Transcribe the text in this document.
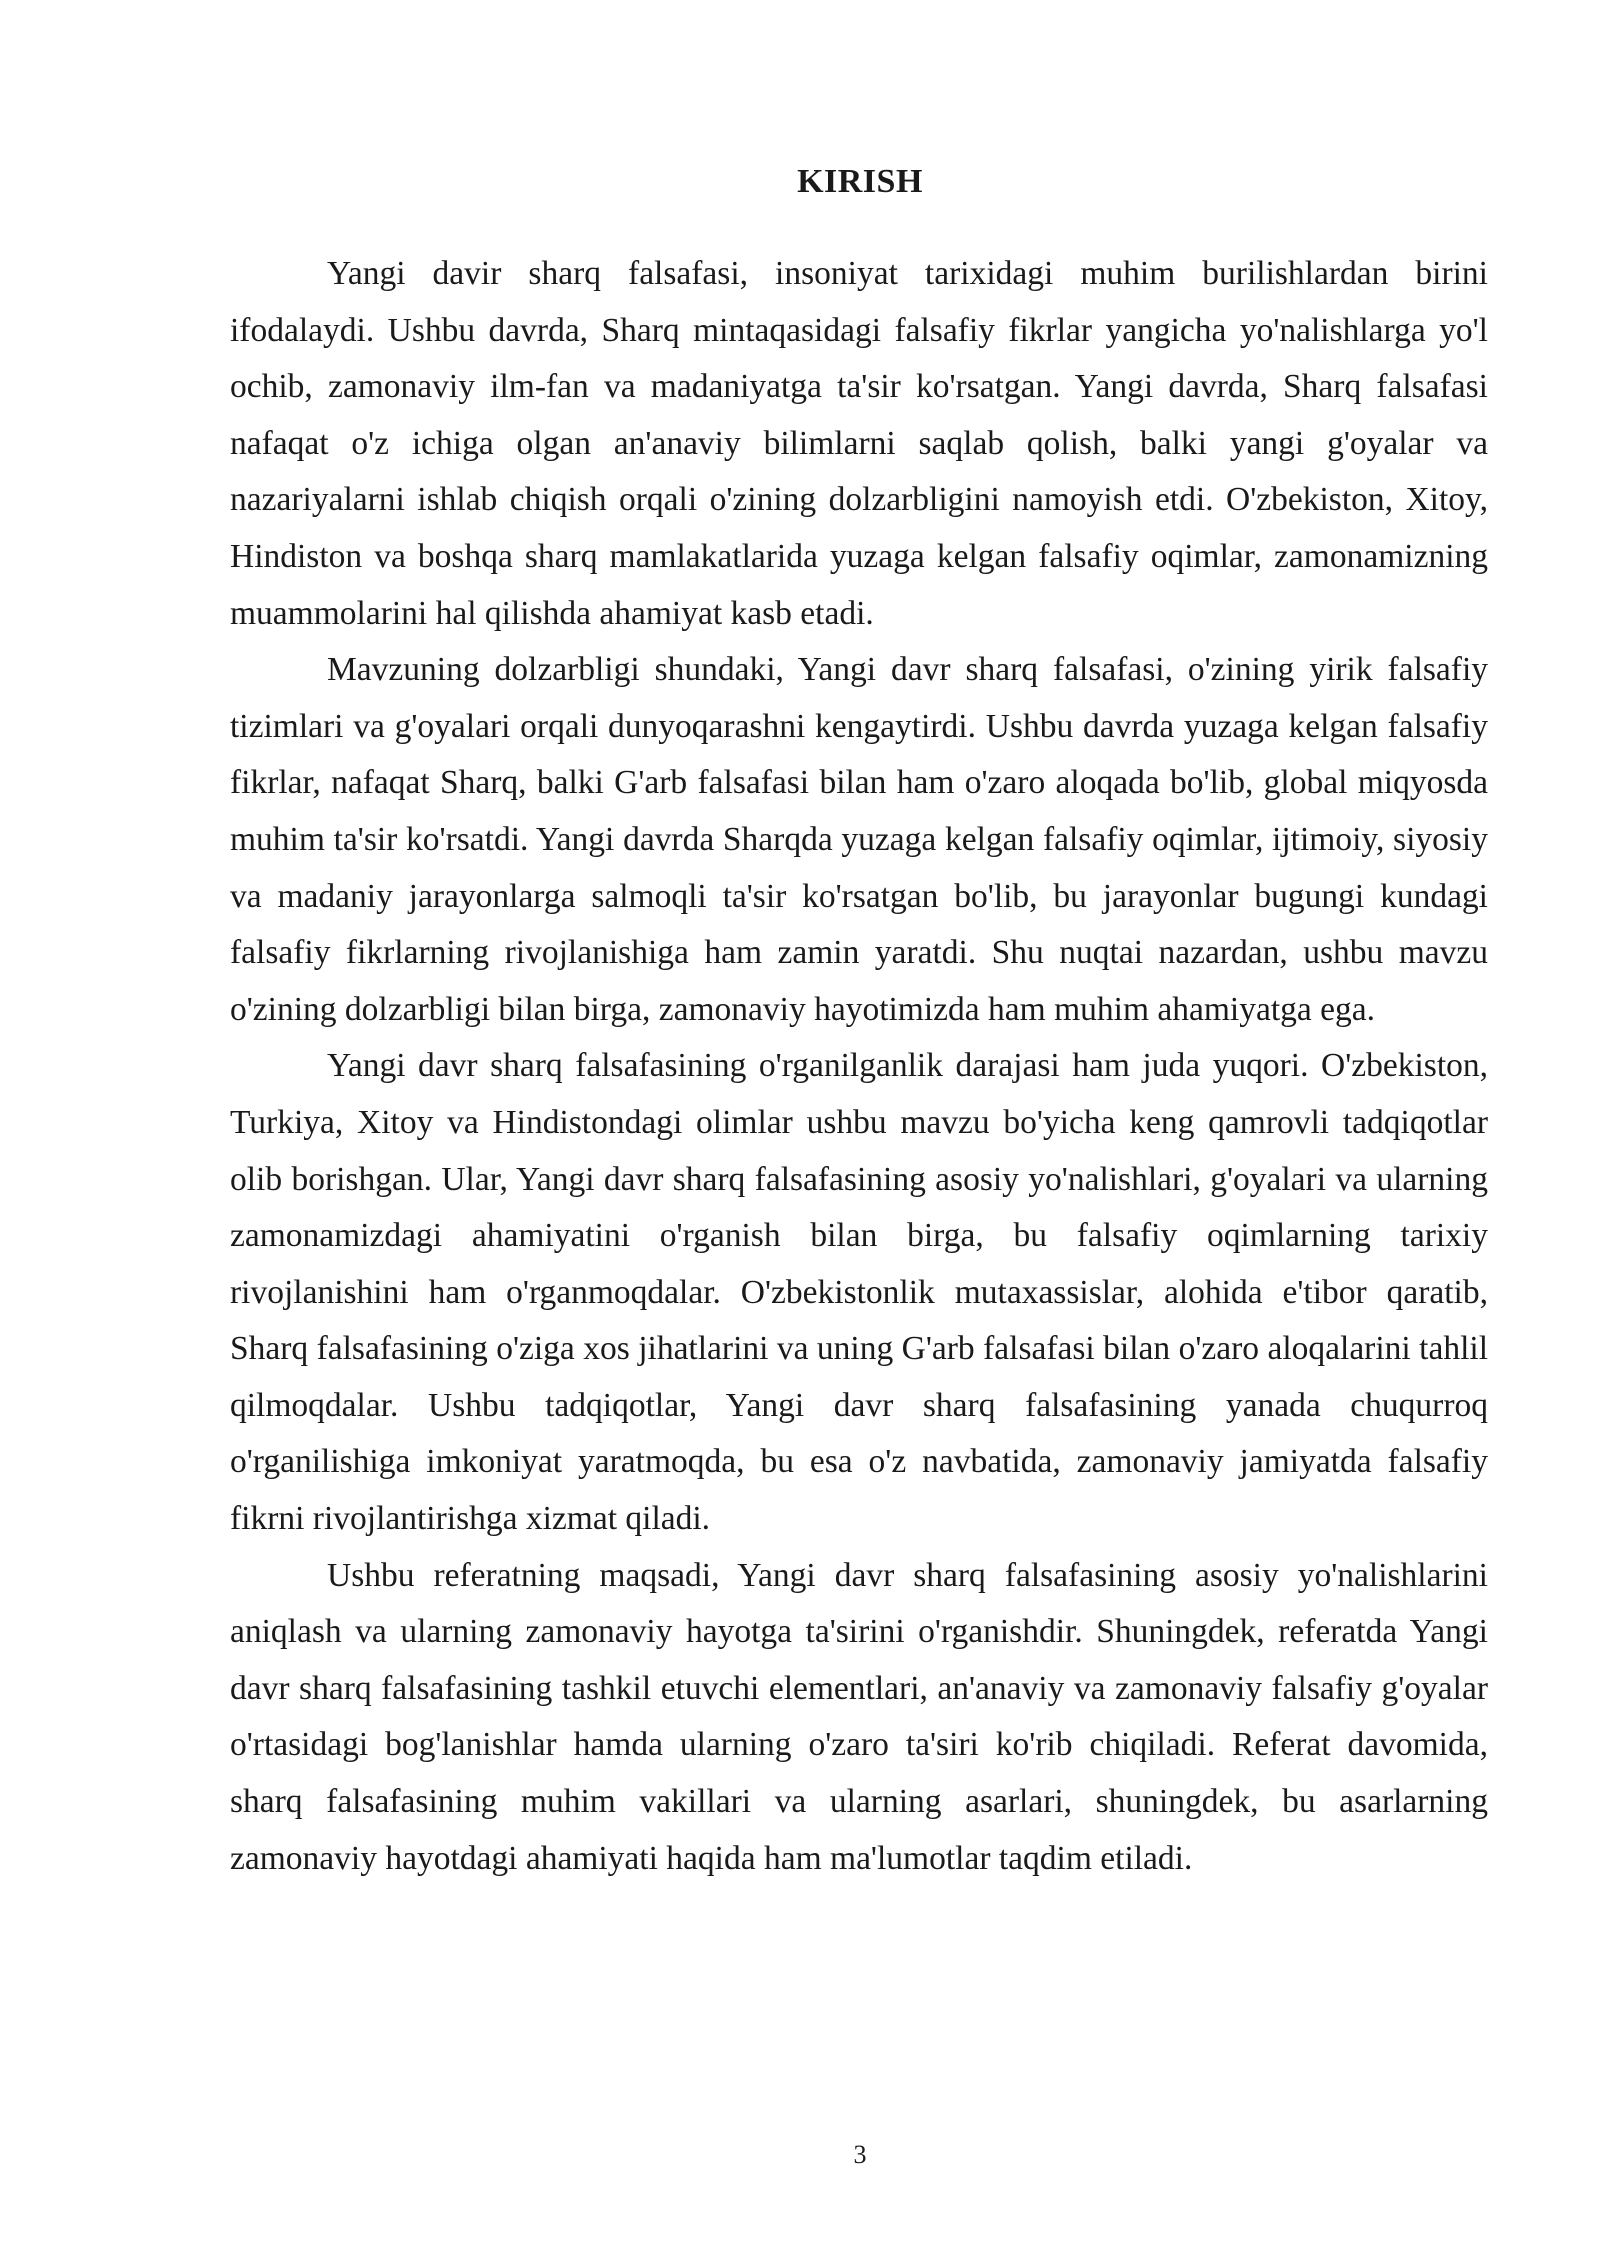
KIRISH

Yangi davir sharq falsafasi, insoniyat tarixidagi muhim burilishlardan birini ifodalaydi. Ushbu davrda, Sharq mintaqasidagi falsafiy fikrlar yangicha yo'nalishlarga yo'l ochib, zamonaviy ilm-fan va madaniyatga ta'sir ko'rsatgan. Yangi davrda, Sharq falsafasi nafaqat o'z ichiga olgan an'anaviy bilimlarni saqlab qolish, balki yangi g'oyalar va nazariyalarni ishlab chiqish orqali o'zining dolzarbligini namoyish etdi. O'zbekiston, Xitoy, Hindiston va boshqa sharq mamlakatlarida yuzaga kelgan falsafiy oqimlar, zamonamizning muammolarini hal qilishda ahamiyat kasb etadi.

Mavzuning dolzarbligi shundaki, Yangi davr sharq falsafasi, o'zining yirik falsafiy tizimlari va g'oyalari orqali dunyoqarashni kengaytirdi. Ushbu davrda yuzaga kelgan falsafiy fikrlar, nafaqat Sharq, balki G'arb falsafasi bilan ham o'zaro aloqada bo'lib, global miqyosda muhim ta'sir ko'rsatdi. Yangi davrda Sharqda yuzaga kelgan falsafiy oqimlar, ijtimoiy, siyosiy va madaniy jarayonlarga salmoqli ta'sir ko'rsatgan bo'lib, bu jarayonlar bugungi kundagi falsafiy fikrlarning rivojlanishiga ham zamin yaratdi. Shu nuqtai nazardan, ushbu mavzu o'zining dolzarbligi bilan birga, zamonaviy hayotimizda ham muhim ahamiyatga ega.

Yangi davr sharq falsafasining o'rganilganlik darajasi ham juda yuqori. O'zbekiston, Turkiya, Xitoy va Hindistondagi olimlar ushbu mavzu bo'yicha keng qamrovli tadqiqotlar olib borishgan. Ular, Yangi davr sharq falsafasining asosiy yo'nalishlari, g'oyalari va ularning zamonamizdagi ahamiyatini o'rganish bilan birga, bu falsafiy oqimlarning tarixiy rivojlanishini ham o'rganmoqdalar. O'zbekistonlik mutaxassislar, alohida e'tibor qaratib, Sharq falsafasining o'ziga xos jihatlarini va uning G'arb falsafasi bilan o'zaro aloqalarini tahlil qilmoqdalar. Ushbu tadqiqotlar, Yangi davr sharq falsafasining yanada chuqurroq o'rganilishiga imkoniyat yaratmoqda, bu esa o'z navbatida, zamonaviy jamiyatda falsafiy fikrni rivojlantirishga xizmat qiladi.

Ushbu referatning maqsadi, Yangi davr sharq falsafasining asosiy yo'nalishlarini aniqlash va ularning zamonaviy hayotga ta'sirini o'rganishdir. Shuningdek, referatda Yangi davr sharq falsafasining tashkil etuvchi elementlari, an'anaviy va zamonaviy falsafiy g'oyalar o'rtasidagi bog'lanishlar hamda ularning o'zaro ta'siri ko'rib chiqiladi. Referat davomida, sharq falsafasining muhim vakillari va ularning asarlari, shuningdek, bu asarlarning zamonaviy hayotdagi ahamiyati haqida ham ma'lumotlar taqdim etiladi.

3
